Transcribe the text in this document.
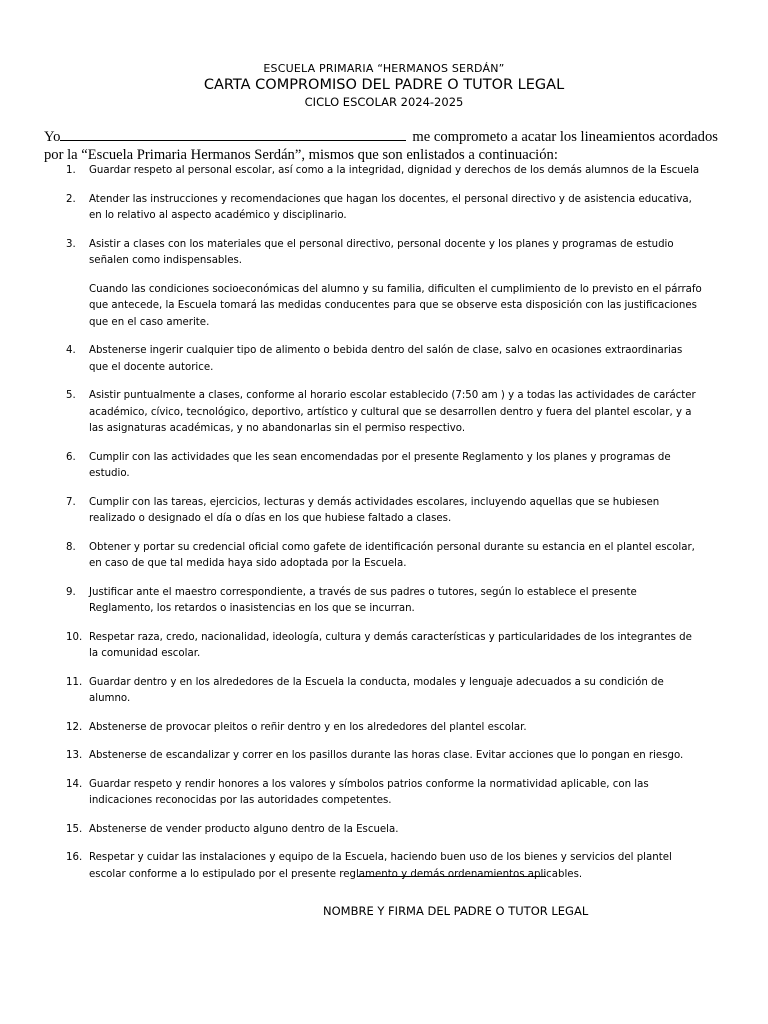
ESCUELA PRIMARIA “HERMANOS SERDÁN”
CARTA COMPROMISO DEL PADRE O TUTOR LEGAL
CICLO ESCOLAR 2024-2025
Yo	me comprometo a acatar los lineamientos acordados por la “Escuela Primaria Hermanos Serdán”, mismos que son enlistados a continuación:
1. Guardar respeto al personal escolar, así como a la integridad, dignidad y derechos de los demás alumnos de la Escuela
2. Atender las instrucciones y recomendaciones que hagan los docentes, el personal directivo y de asistencia educativa, en lo relativo al aspecto académico y disciplinario.
3. Asistir a clases con los materiales que el personal directivo, personal docente y los planes y programas de estudio señalen como indispensables.
Cuando las condiciones socioeconómicas del alumno y su familia, dificulten el cumplimiento de lo previsto en el párrafo que antecede, la Escuela tomará las medidas conducentes para que se observe esta disposición con las justificaciones que en el caso amerite.
4. Abstenerse ingerir cualquier tipo de alimento o bebida dentro del salón de clase, salvo en ocasiones extraordinarias que el docente autorice.
5. Asistir puntualmente a clases, conforme al horario escolar establecido (7:50 am ) y a todas las actividades de carácter académico, cívico, tecnológico, deportivo, artístico y cultural que se desarrollen dentro y fuera del plantel escolar, y a las asignaturas académicas, y no abandonarlas sin el permiso respectivo.
6. Cumplir con las actividades que les sean encomendadas por el presente Reglamento y los planes y programas de estudio.
7. Cumplir con las tareas, ejercicios, lecturas y demás actividades escolares, incluyendo aquellas que se hubiesen realizado o designado el día o días en los que hubiese faltado a clases.
8. Obtener y portar su credencial oficial como gafete de identificación personal durante su estancia en el plantel escolar, en caso de que tal medida haya sido adoptada por la Escuela.
9. Justificar ante el maestro correspondiente, a través de sus padres o tutores, según lo establece el presente Reglamento, los retardos o inasistencias en los que se incurran.
10. Respetar raza, credo, nacionalidad, ideología, cultura y demás características y particularidades de los integrantes de la comunidad escolar.
11. Guardar dentro y en los alrededores de la Escuela la conducta, modales y lenguaje adecuados a su condición de alumno.
12. Abstenerse de provocar pleitos o reñir dentro y en los alrededores del plantel escolar.
13. Abstenerse de escandalizar y correr en los pasillos durante las horas clase. Evitar acciones que lo pongan en riesgo.
14. Guardar respeto y rendir honores a los valores y símbolos patrios conforme la normatividad aplicable, con las indicaciones reconocidas por las autoridades competentes.
15. Abstenerse de vender producto alguno dentro de la Escuela.
16. Respetar y cuidar las instalaciones y equipo de la Escuela, haciendo buen uso de los bienes y servicios del plantel escolar conforme a lo estipulado por el presente reglamento y demás ordenamientos aplicables.
NOMBRE Y FIRMA DEL PADRE O TUTOR LEGAL
